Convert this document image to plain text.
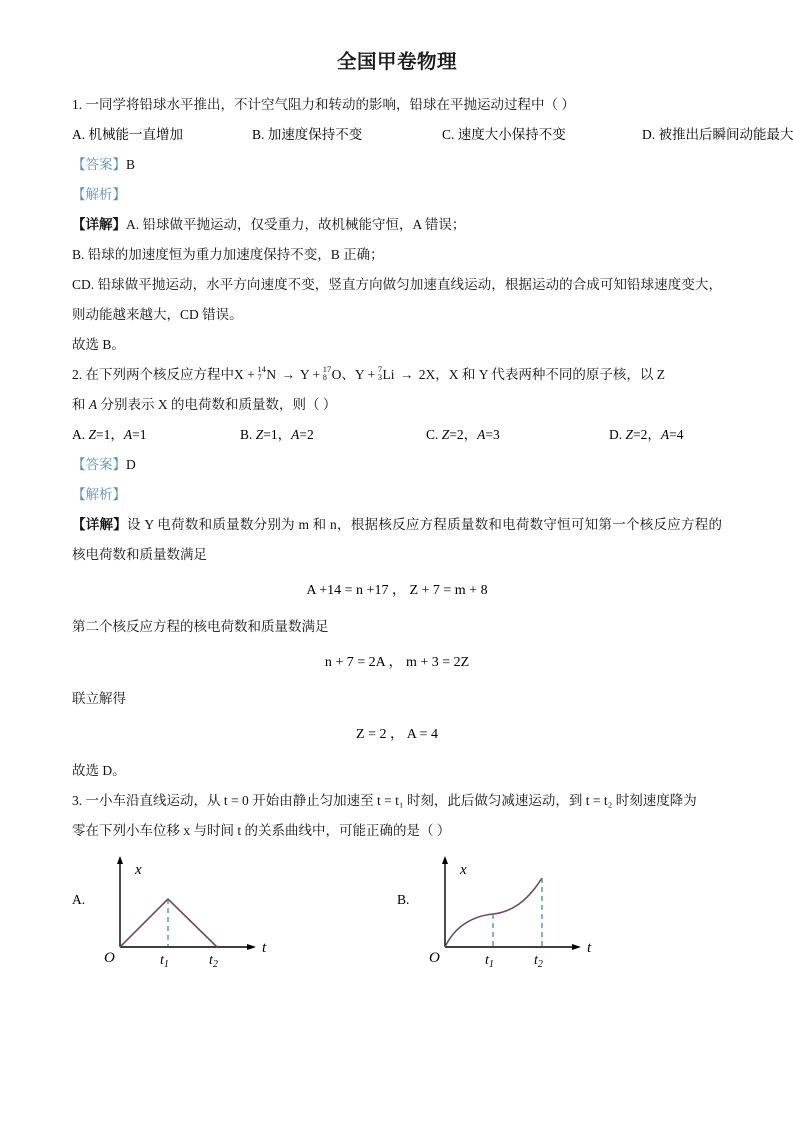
全国甲卷物理

1. 一同学将铅球水平推出，不计空气阻力和转动的影响，铅球在平抛运动过程中（ ）

A. 机械能一直增加	B. 加速度保持不变	C. 速度大小保持不变	D. 被推出后瞬间动能最大

【答案】B

【解析】

【详解】A. 铅球做平抛运动，仅受重力，故机械能守恒，A 错误；

B. 铅球的加速度恒为重力加速度保持不变，B 正确；

CD. 铅球做平抛运动，水平方向速度不变，竖直方向做匀加速直线运动，根据运动的合成可知铅球速度变大，则动能越来越大，CD 错误。

故选 B。

2. 在下列两个核反应方程中X +  14
7 N → Y +  17
8 O、Y +  7
3 Li → 2X，X 和 Y 代表两种不同的原子核，以 Z

和 A 分别表示 X 的电荷数和质量数，则（ ）

A. Z=1，A=1	B. Z=1，A=2	C. Z=2，A=3	D. Z=2，A=4

【答案】D

【解析】

【详解】设 Y 电荷数和质量数分别为 m 和 n，根据核反应方程质量数和电荷数守恒可知第一个核反应方程的核电荷数和质量数满足

A +14 = n +17 ， Z + 7 = m + 8

第二个核反应方程的核电荷数和质量数满足

n + 7 = 2A ， m + 3 = 2Z

联立解得

Z = 2 ， A = 4

故选 D。

3. 一小车沿直线运动，从 t = 0 开始由静止匀加速至 t = t₁ 时刻，此后做匀减速运动，到 t = t₂ 时刻速度降为

零在下列小车位移 x 与时间 t 的关系曲线中，可能正确的是（ ）

A.
x
t
O	$t_1$	$t_2$
B.
x
t
O	$t_1$	$t_2$
